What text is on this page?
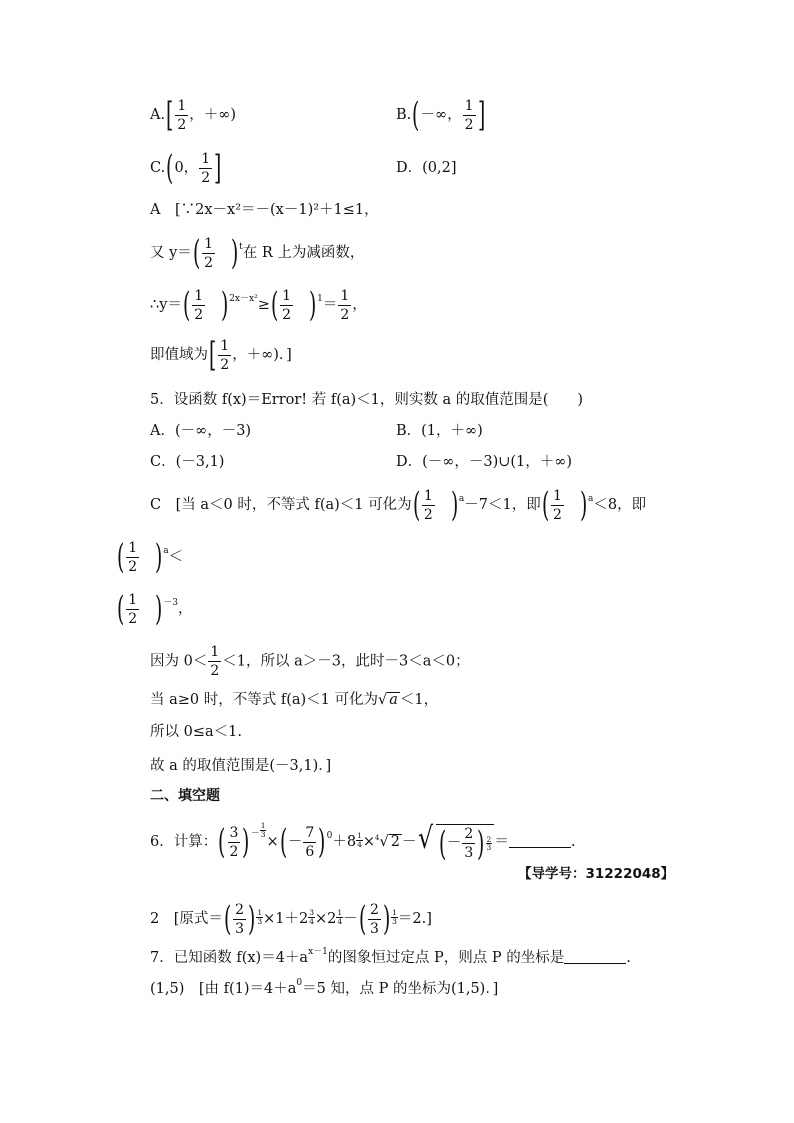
$A.[ \frac{1}{2}$ ，＋∞)	B.(－∞， $\frac{1}{2}$ ]
C.(0， $\frac{1}{2}$ ]	D．(0,2]
A　[∵2x－x²＝－(x－1)²＋1≤1，
又 $y=( \frac{1}{2} )^t$在 R 上为减函数，
∴y＝( $\frac{1}{2} )^{2x-x^2}\ge( \frac{1}{2} )^1= \frac{1}{2}$ ，
即值域为[ $\frac{1}{2}$ ，＋∞)．]
5．设函数 f(x)＝Error! 若 f(a)＜1，则实数 a 的取值范围是(　　)
A．(－∞，－3)	B．(1，＋∞)
C．(－3,1)	D．(－∞，－3)∪(1，＋∞)
C　[当 a＜0 时，不等式 f(a)＜1 可化为( $\frac{1}{2} )^a-7<1$，即( $\frac{1}{2} )^a<8$，即
( $\frac{1}{2} )^a<$
( $\frac{1}{2} )^{-3}$，
因为 $0< \frac{1}{2} <1$，所以 a＞－3，此时－3＜a＜0；
当 a≥0 时，不等式 f(a)＜1 可化为√ a ＜1，
所以 0≤a＜1.
故 a 的取值范围是(－3,1)．]
二、填空题
6．计算：( $\frac{3}{2} )^{- \frac{1}{3}}$
×(－ $\frac{7}{6} )^0+8 \frac{1}{4} \times^4√$ 2 － √ ( － $\frac{2}{3}$ ) $\frac{2}{3}$ ＝	.
【导学号：31222048】
2　[原式＝( $\frac{2}{3}$ ) $\frac{1}{3} \times 1+2 \frac{3}{4} \times 2 \frac{1}{4}$ －( $\frac{2}{3}$ ) $\frac{1}{3} =2$.]
7．已知函数 $f(x)=4+a^{x-1}$的图象恒过定点 P，则点 P 的坐标是	.
(1,5)　[由 $f(1)=4+a^0=5$ 知，点 P 的坐标为(1,5)．]
